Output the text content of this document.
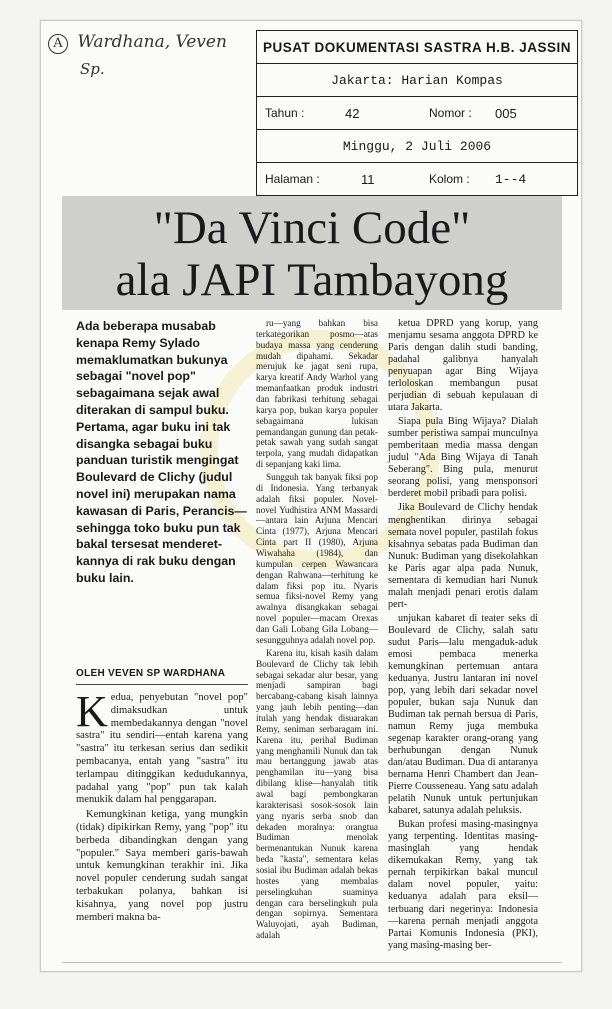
A Wardhana, Veven
Sp.
PUSAT DOKUMENTASI SASTRA H.B. JASSIN
Jakarta: Harian Kompas
Tahun :	42	Nomor : 005
Minggu, 2 Juli 2006
Halaman :	11	Kolom : 1--4
"Da Vinci Code"
ala JAPI Tambayong
Ada beberapa musabab kenapa Remy Sylado memaklumatkan bukunya sebagai "novel pop" sebagaimana sejak awal diterakan di sampul buku. Pertama, agar buku ini tak disangka sebagai buku panduan turistik mengingat Boulevard de Clichy (judul novel ini) merupakan nama kawasan di Paris, Perancis—sehingga toko buku pun tak bakal tersesat menderet-kannya di rak buku dengan buku lain.
OLEH VEVEN SP WARDHANA

Kedua, penyebutan "novel pop" dimaksudkan untuk membedakannya dengan "novel sastra" itu sendiri—entah karena yang "sastra" itu terkesan serius dan sedikit pembacanya, entah yang "sastra" itu terlampau ditinggikan kedudukannya, padahal yang "pop" pun tak kalah menukik dalam hal penggarapan.

Kemungkinan ketiga, yang mungkin (tidak) dipikirkan Remy, yang "pop" itu berbeda dibandingkan dengan yang "populer." Saya memberi garis-bawah untuk kemungkinan terakhir ini. Jika novel populer cenderung sudah sangat terbakukan polanya, bahkan isi kisahnya, yang novel pop justru memberi makna ba-

ru—yang bahkan bisa terkategorikan posmo—atas budaya massa yang cenderung mudah dipahami. Sekadar merujuk ke jagat seni rupa, karya kreatif Andy Warhol yang memanfaatkan produk industri dan fabrikasi terhitung sebagai karya pop, bukan karya populer sebagaimana lukisan pemandangan gunung dan petak-petak sawah yang sudah sangat terpola, yang mudah didapatkan di sepanjang kaki lima.

Sungguh tak banyak fiksi pop di Indonesia. Yang terbanyak adalah fiksi populer. Novel-novel Yudhistira ANM Massardi—antara lain Arjuna Mencari Cinta (1977), Arjuna Mencari Cinta part II (1980), Arjuna Wiwahaha (1984), dan kumpulan cerpen Wawancara dengan Rahwana—terhitung ke dalam fiksi pop itu. Nyaris semua fiksi-novel Remy yang awalnya disangkakan sebagai novel populer—macam Orexas dan Gali Lobang Gila Lobang—sesungguhnya adalah novel pop.

Karena itu, kisah kasih dalam Boulevard de Clichy tak lebih sebagai sekadar alur besar, yang menjadi sampiran bagi bercabang-cabang kisah lainnya yang jauh lebih penting—dan itulah yang hendak disuarakan Remy, seniman serbaragam ini. Karena itu, perihal Budiman yang menghamili Nunuk dan tak mau bertanggung jawab atas penghamilan itu—yang bisa dibilang klise—hanyalah titik awal bagi pembongkaran karakterisasi sosok-sosok lain yang nyaris serba snob dan dekaden moralnya: orangtua Budiman menolak bermenantukan Nunuk karena beda "kasta", sementara kelas sosial ibu Budiman adalah bekas hostes yang membalas perselingkuhan suaminya dengan cara berselingkuh pula dengan sopirnya. Sementara Waluyojati, ayah Budiman, adalah

ketua DPRD yang korup, yang menjamu sesama anggota DPRD ke Paris dengan dalih studi banding, padahal galibnya hanyalah penyuapan agar Bing Wijaya terloloskan membangun pusat perjudian di sebuah kepulauan di utara Jakarta.

Siapa pula Bing Wijaya? Dialah sumber peristiwa sampai munculnya pemberitaan media massa dengan judul "Ada Bing Wijaya di Tanah Seberang". Bing pula, menurut seorang polisi, yang mensponsori berderet mobil pribadi para polisi.

Jika Boulevard de Clichy hendak menghentikan dirinya sebagai semata novel populer, pastilah fokus kisahnya sebatas pada Budiman dan Nunuk: Budiman yang disekolahkan ke Paris agar alpa pada Nunuk, sementara di kemudian hari Nunuk malah menjadi penari erotis dalam pert-

unjukan kabaret di teater seks di Boulevard de Clichy, salah satu sudut Paris—lalu mengaduk-aduk emosi pembaca menerka kemungkinan pertemuan antara keduanya. Justru lantaran ini novel pop, yang lebih dari sekadar novel populer, bukan saja Nunuk dan Budiman tak pernah bersua di Paris, namun Remy juga membuka segenap karakter orang-orang yang berhubungan dengan Nunuk dan/atau Budiman. Dua di antaranya bernama Henri Chambert dan Jean-Pierre Cousseneau. Yang satu adalah pelatih Nunuk untuk pertunjukan kabaret, satunya adalah peluksis.

Bukan profesi masing-masingnya yang terpenting. Identitas masing-masinglah yang hendak dikemukakan Remy, yang tak pernah terpikirkan bakal muncul dalam novel populer, yaitu: keduanya adalah para eksil—terbuang dari negerinya: Indonesia—karena pernah menjadi anggota Partai Komunis Indonesia (PKI), yang masing-masing ber-
